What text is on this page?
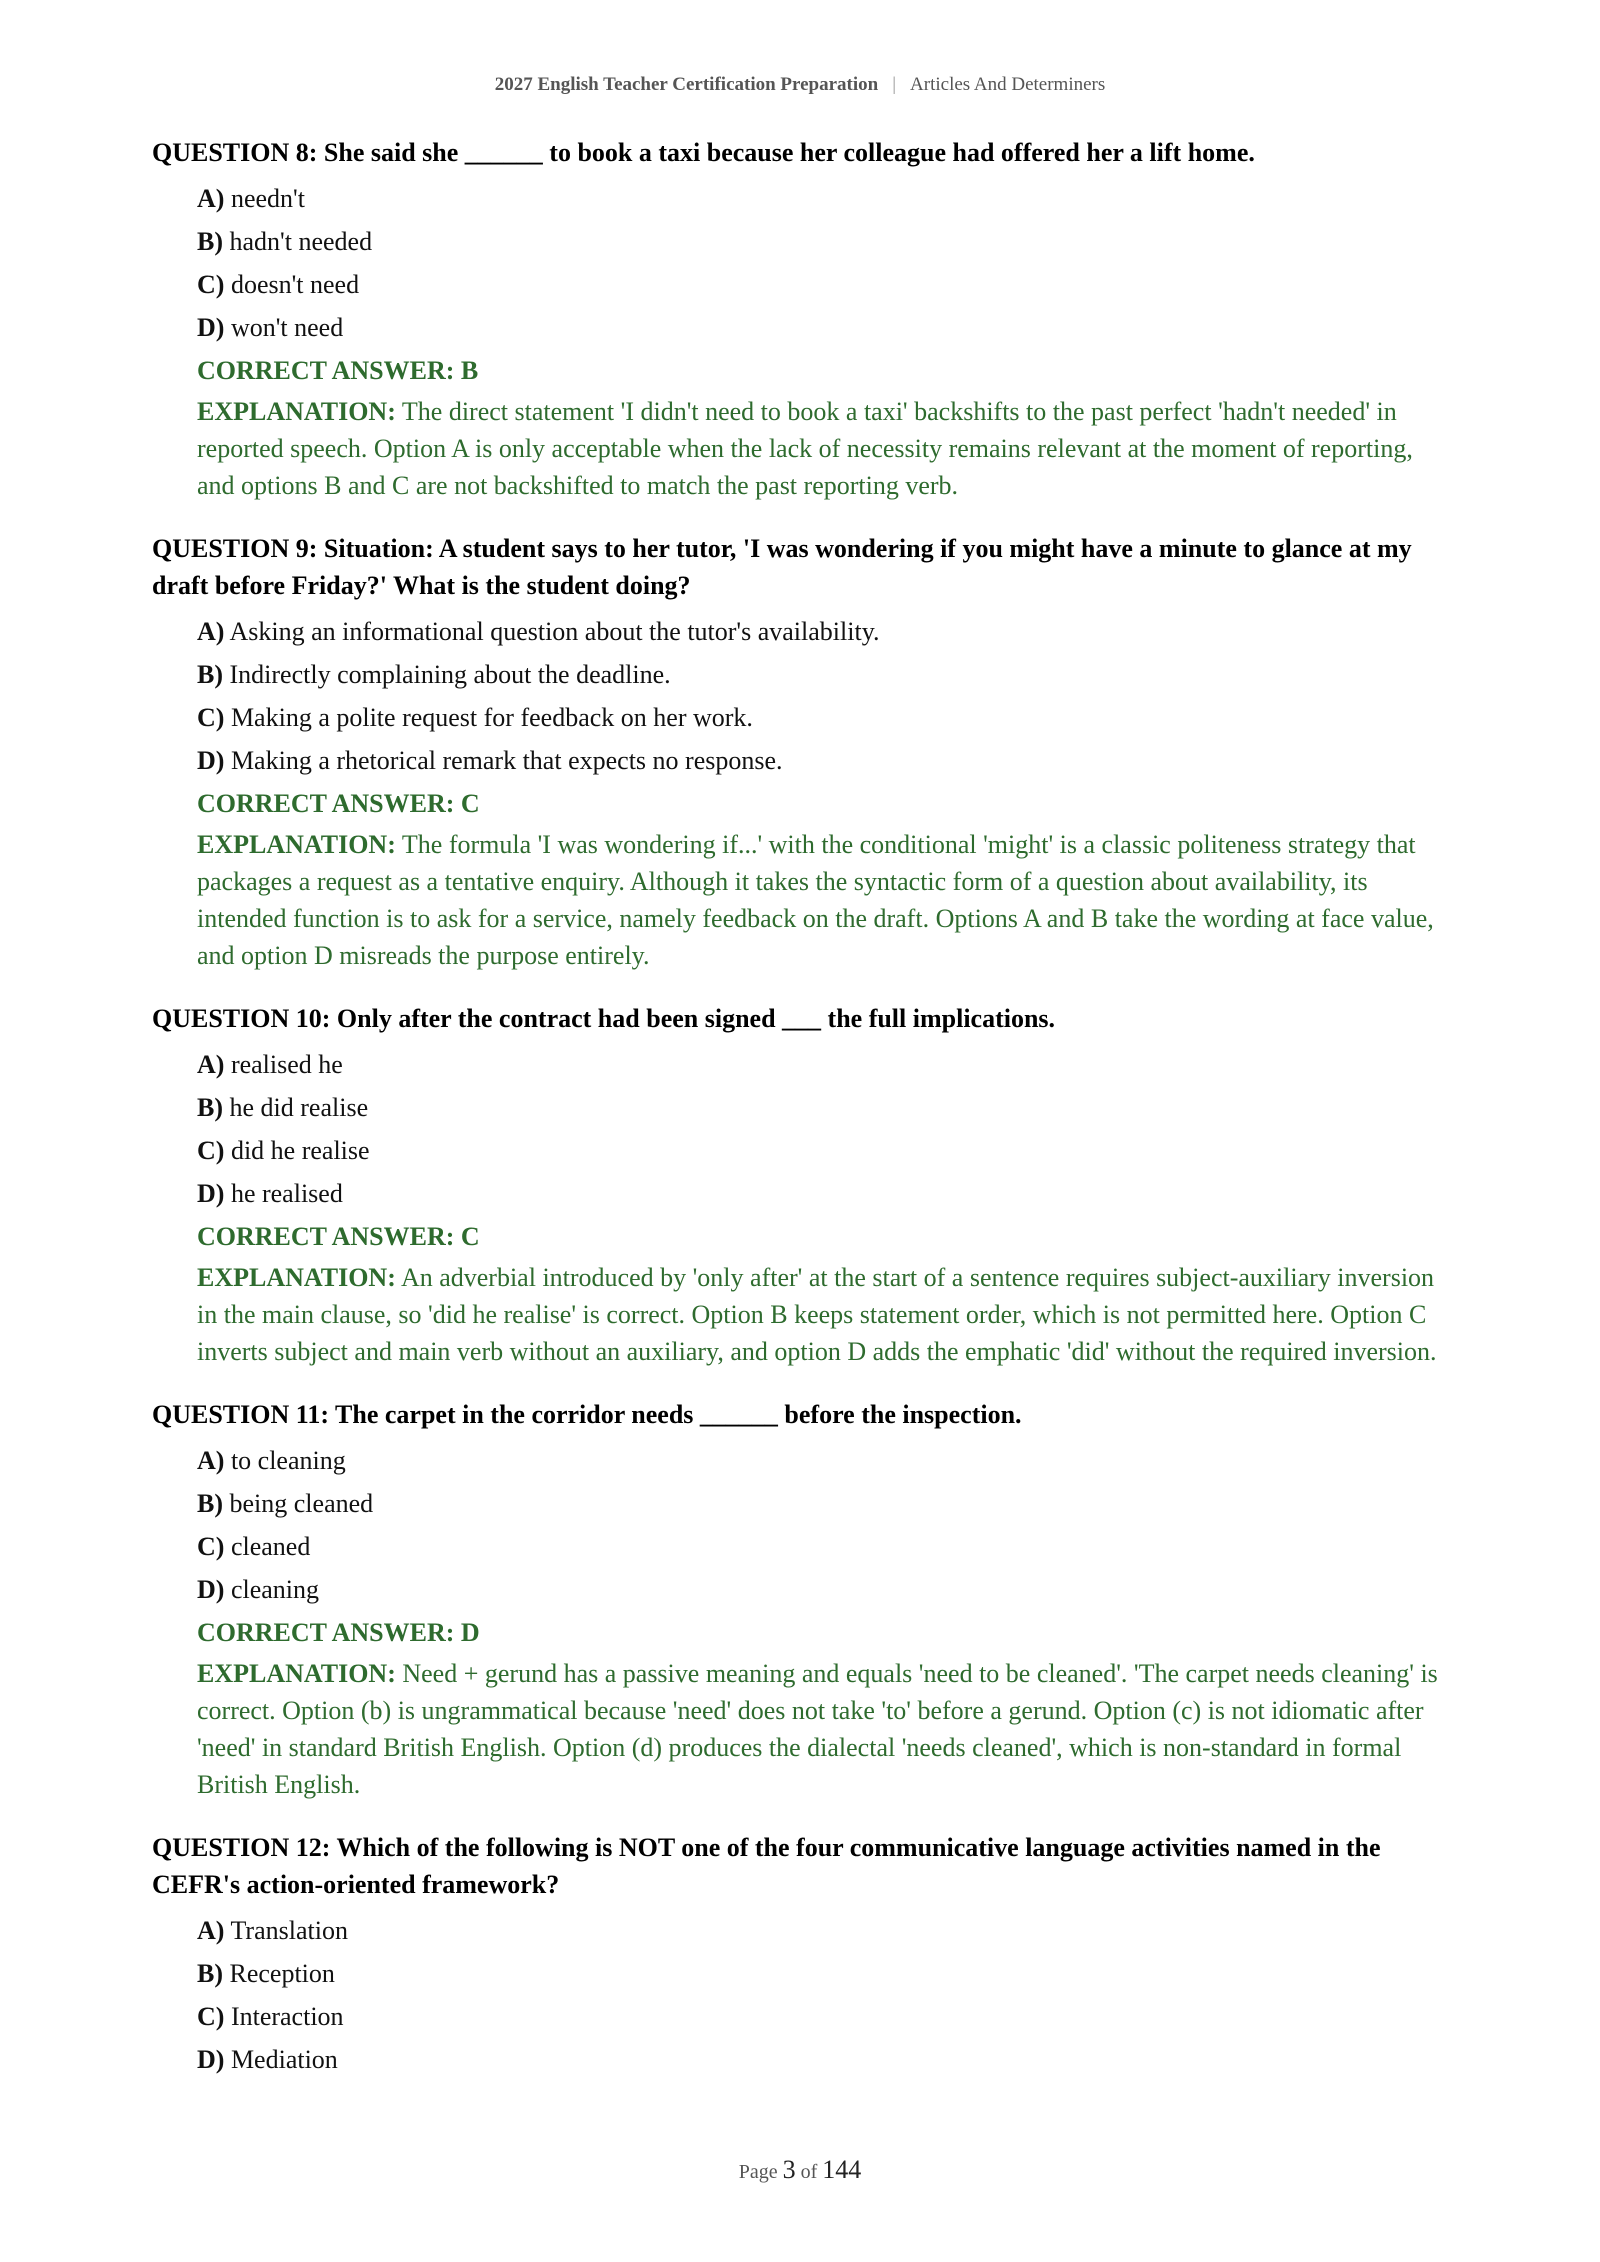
2027 English Teacher Certification Preparation | Articles And Determiners
QUESTION 8: She said she ______ to book a taxi because her colleague had offered her a lift home.
A) needn't
B) hadn't needed
C) doesn't need
D) won't need
CORRECT ANSWER: B
EXPLANATION: The direct statement 'I didn't need to book a taxi' backshifts to the past perfect 'hadn't needed' in reported speech. Option A is only acceptable when the lack of necessity remains relevant at the moment of reporting, and options B and C are not backshifted to match the past reporting verb.
QUESTION 9: Situation: A student says to her tutor, 'I was wondering if you might have a minute to glance at my draft before Friday?' What is the student doing?
A) Asking an informational question about the tutor's availability.
B) Indirectly complaining about the deadline.
C) Making a polite request for feedback on her work.
D) Making a rhetorical remark that expects no response.
CORRECT ANSWER: C
EXPLANATION: The formula 'I was wondering if...' with the conditional 'might' is a classic politeness strategy that packages a request as a tentative enquiry. Although it takes the syntactic form of a question about availability, its intended function is to ask for a service, namely feedback on the draft. Options A and B take the wording at face value, and option D misreads the purpose entirely.
QUESTION 10: Only after the contract had been signed ___ the full implications.
A) realised he
B) he did realise
C) did he realise
D) he realised
CORRECT ANSWER: C
EXPLANATION: An adverbial introduced by 'only after' at the start of a sentence requires subject-auxiliary inversion in the main clause, so 'did he realise' is correct. Option B keeps statement order, which is not permitted here. Option C inverts subject and main verb without an auxiliary, and option D adds the emphatic 'did' without the required inversion.
QUESTION 11: The carpet in the corridor needs ______ before the inspection.
A) to cleaning
B) being cleaned
C) cleaned
D) cleaning
CORRECT ANSWER: D
EXPLANATION: Need + gerund has a passive meaning and equals 'need to be cleaned'. 'The carpet needs cleaning' is correct. Option (b) is ungrammatical because 'need' does not take 'to' before a gerund. Option (c) is not idiomatic after 'need' in standard British English. Option (d) produces the dialectal 'needs cleaned', which is non-standard in formal British English.
QUESTION 12: Which of the following is NOT one of the four communicative language activities named in the CEFR's action-oriented framework?
A) Translation
B) Reception
C) Interaction
D) Mediation
Page 3 of 144
